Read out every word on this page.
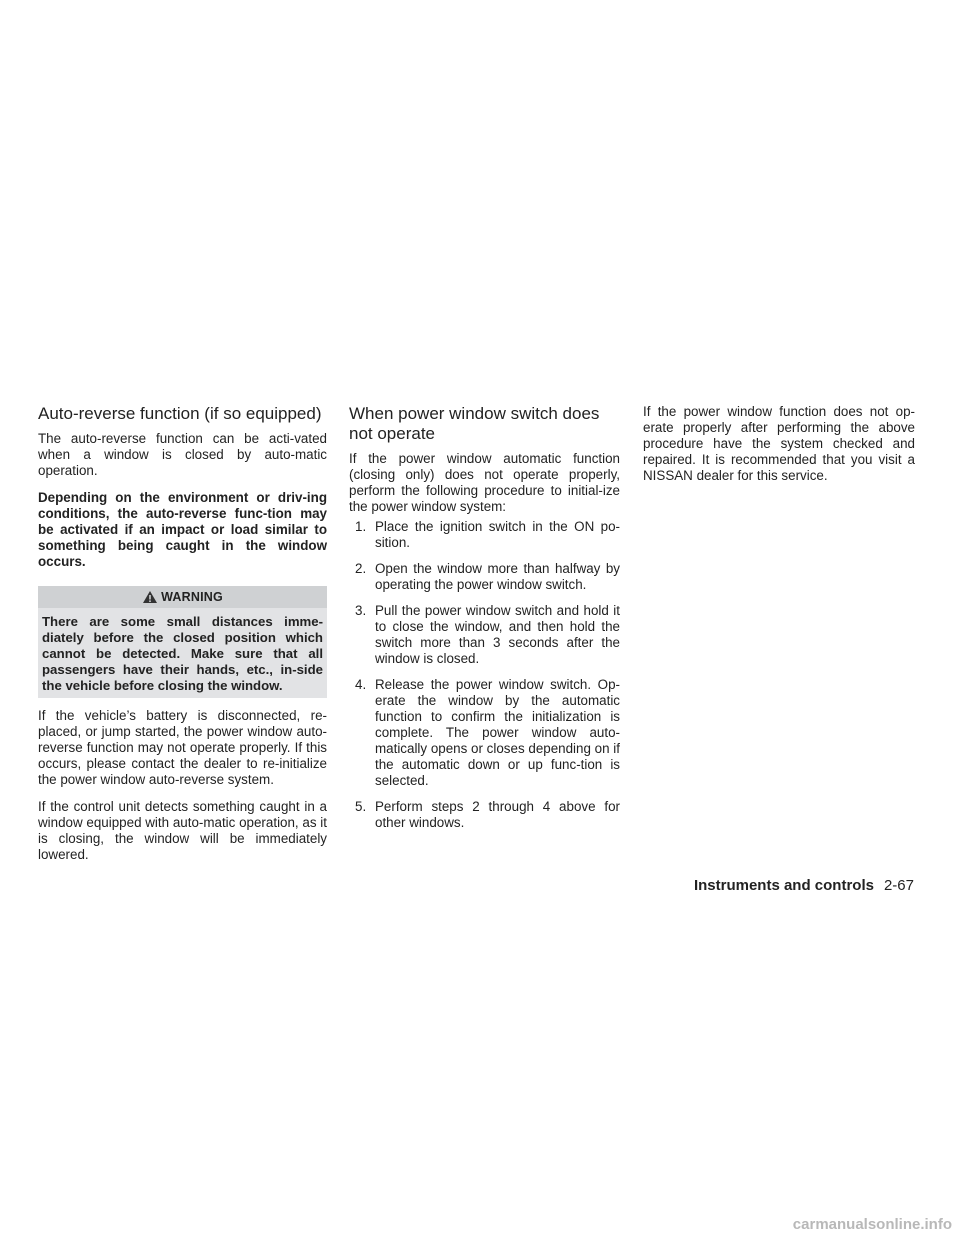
Auto-reverse function (if so equipped)

The auto-reverse function can be acti-vated when a window is closed by auto-matic operation.

Depending on the environment or driv-ing conditions, the auto-reverse func-tion may be activated if an impact or load similar to something being caught in the window occurs.

WARNING
There are some small distances imme-diately before the closed position which cannot be detected. Make sure that all passengers have their hands, etc., in-side the vehicle before closing the window.

If the vehicle’s battery is disconnected, re-placed, or jump started, the power window auto-reverse function may not operate properly. If this occurs, please contact the dealer to re-initialize the power window auto-reverse system.

If the control unit detects something caught in a window equipped with auto-matic operation, as it is closing, the window will be immediately lowered.

When power window switch does not operate

If the power window automatic function (closing only) does not operate properly, perform the following procedure to initial-ize the power window system:

1. Place the ignition switch in the ON po-sition.
2. Open the window more than halfway by operating the power window switch.
3. Pull the power window switch and hold it to close the window, and then hold the switch more than 3 seconds after the window is closed.
4. Release the power window switch. Op-erate the window by the automatic function to confirm the initialization is complete. The power window auto-matically opens or closes depending on if the automatic down or up func-tion is selected.
5. Perform steps 2 through 4 above for other windows.

If the power window function does not op-erate properly after performing the above procedure have the system checked and repaired. It is recommended that you visit a NISSAN dealer for this service.

Instruments and controls 2-67
carmanualsonline.info
